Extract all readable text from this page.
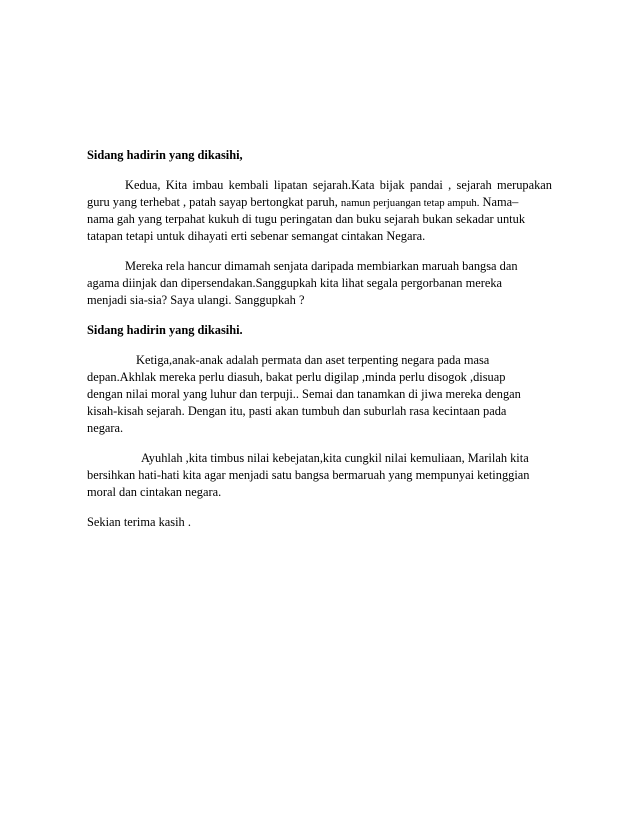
Sidang hadirin yang dikasihi,
Kedua, Kita imbau kembali lipatan sejarah.Kata bijak pandai , sejarah merupakan
guru yang terhebat , patah sayap bertongkat paruh, namun perjuangan tetap ampuh. Nama–
nama gah yang terpahat kukuh di tugu peringatan dan buku sejarah bukan sekadar untuk
tatapan tetapi untuk dihayati erti sebenar semangat cintakan Negara.
Mereka rela hancur dimamah senjata daripada membiarkan maruah bangsa dan
agama diinjak dan dipersendakan.Sanggupkah kita lihat segala pergorbanan mereka
menjadi sia-sia? Saya ulangi. Sanggupkah ?
Sidang hadirin yang dikasihi.
Ketiga,anak-anak adalah permata dan aset terpenting negara pada masa
depan.Akhlak mereka perlu diasuh, bakat perlu digilap ,minda perlu disogok ,disuap
dengan nilai moral yang luhur dan terpuji.. Semai dan tanamkan di jiwa mereka dengan
kisah-kisah sejarah. Dengan itu, pasti akan tumbuh dan suburlah rasa kecintaan pada
negara.
Ayuhlah ,kita timbus nilai kebejatan,kita cungkil nilai kemuliaan, Marilah kita
bersihkan hati-hati kita agar menjadi satu bangsa bermaruah yang mempunyai ketinggian
moral dan cintakan negara.
Sekian terima kasih .
